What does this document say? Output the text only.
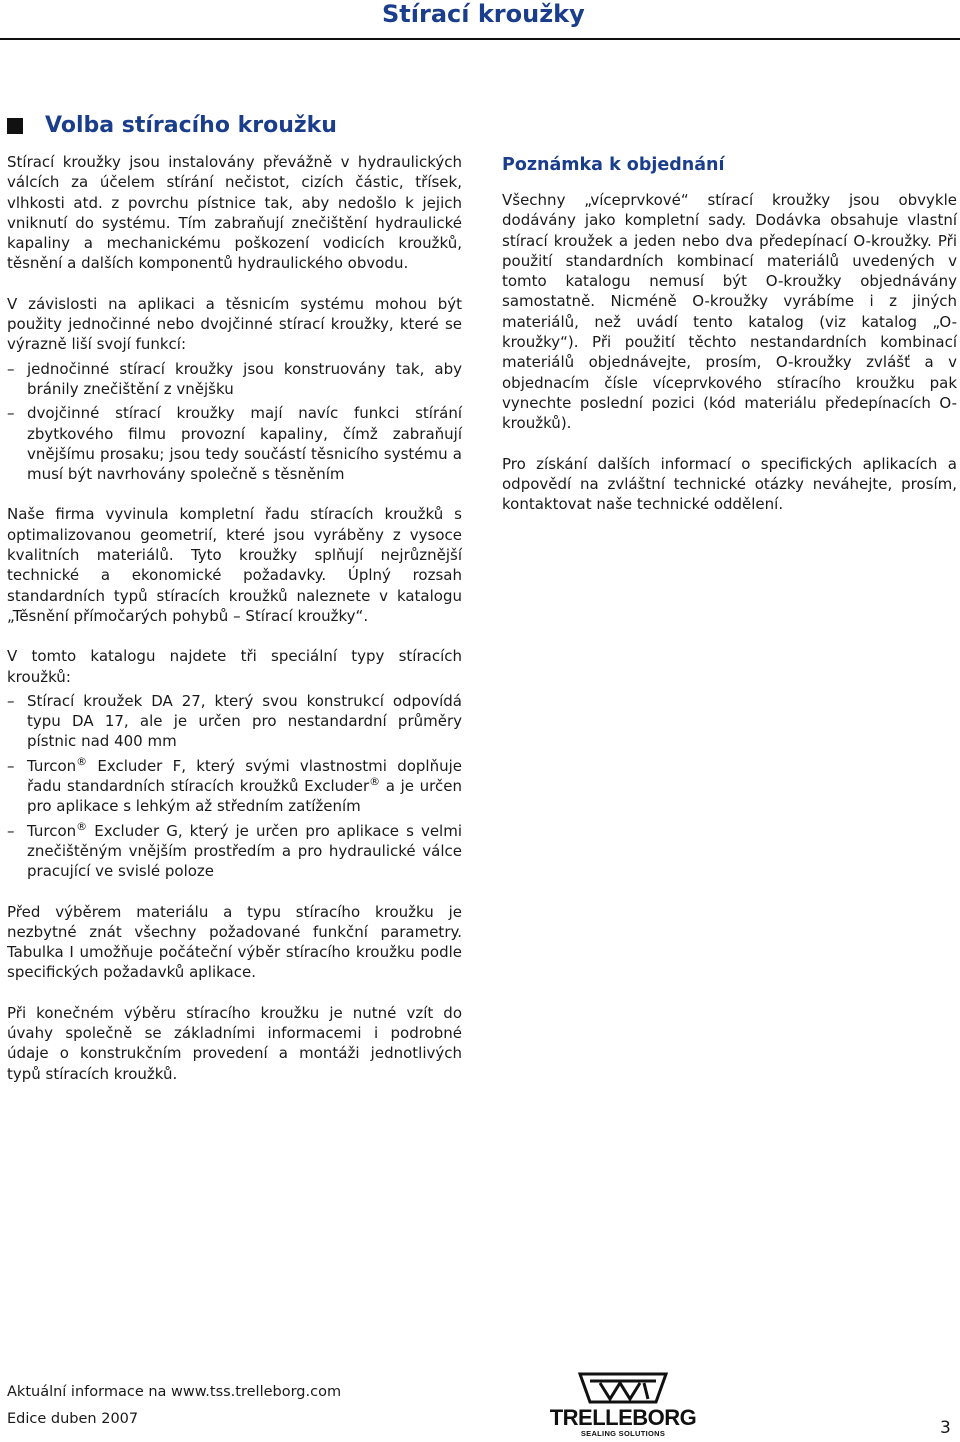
Stírací kroužky
Volba stíracího kroužku

Stírací kroužky jsou instalovány převážně v hydraulických válcích za účelem stírání nečistot, cizích částic, třísek, vlhkosti atd. z povrchu pístnice tak, aby nedošlo k jejich vniknutí do systému. Tím zabraňují znečištění hydraulické kapaliny a mechanickému poškození vodicích kroužků, těsnění a dalších komponentů hydraulického obvodu.

V závislosti na aplikaci a těsnicím systému mohou být použity jednočinné nebo dvojčinné stírací kroužky, které se výrazně liší svojí funkcí:

– jednočinné stírací kroužky jsou konstruovány tak, aby bránily znečištění z vnějšku
– dvojčinné stírací kroužky mají navíc funkci stírání zbytkového filmu provozní kapaliny, čímž zabraňují vnějšímu prosaku; jsou tedy součástí těsnicího systému a musí být navrhovány společně s těsněním

Naše firma vyvinula kompletní řadu stíracích kroužků s optimalizovanou geometrií, které jsou vyráběny z vysoce kvalitních materiálů. Tyto kroužky splňují nejrůznější technické a ekonomické požadavky. Úplný rozsah standardních typů stíracích kroužků naleznete v katalogu „Těsnění přímočarých pohybů – Stírací kroužky“.

V tomto katalogu najdete tři speciální typy stíracích kroužků:

– Stírací kroužek DA 27, který svou konstrukcí odpovídá typu DA 17, ale je určen pro nestandardní průměry pístnic nad 400 mm
– Turcon® Excluder F, který svými vlastnostmi doplňuje řadu standardních stíracích kroužků Excluder® a je určen pro aplikace s lehkým až středním zatížením
– Turcon® Excluder G, který je určen pro aplikace s velmi znečištěným vnějším prostředím a pro hydraulické válce pracující ve svislé poloze

Před výběrem materiálu a typu stíracího kroužku je nezbytné znát všechny požadované funkční parametry. Tabulka I umožňuje počáteční výběr stíracího kroužku podle specifických požadavků aplikace.

Při konečném výběru stíracího kroužku je nutné vzít do úvahy společně se základními informacemi i podrobné údaje o konstrukčním provedení a montáži jednotlivých typů stíracích kroužků.

Poznámka k objednání

Všechny „víceprvkové“ stírací kroužky jsou obvykle dodávány jako kompletní sady. Dodávka obsahuje vlastní stírací kroužek a jeden nebo dva předepínací O-kroužky. Při použití standardních kombinací materiálů uvedených v tomto katalogu nemusí být O-kroužky objednávány samostatně. Nicméně O-kroužky vyrábíme i z jiných materiálů, než uvádí tento katalog (viz katalog „O-kroužky“). Při použití těchto nestandardních kombinací materiálů objednávejte, prosím, O-kroužky zvlášť a v objednacím čísle víceprvkového stíracího kroužku pak vynechte poslední pozici (kód materiálu předepínacích O-kroužků).

Pro získání dalších informací o specifických aplikacích a odpovědí na zvláštní technické otázky neváhejte, prosím, kontaktovat naše technické oddělení.

Aktuální informace na www.tss.trelleborg.com

Edice duben 2007	TRELLEBORG
SEALING SOLUTIONS	3
